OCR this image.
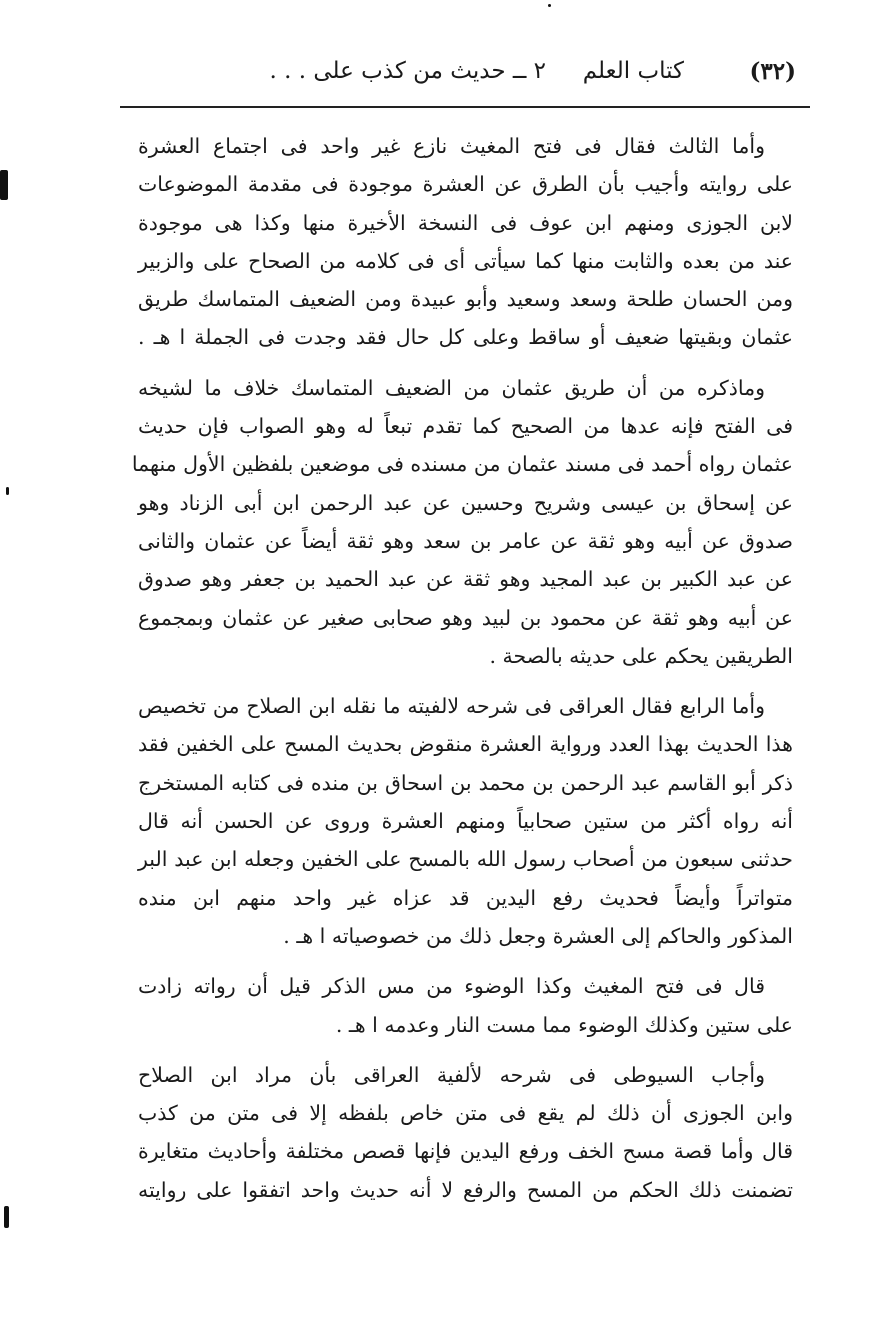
(٣٢)
كتاب العلم
٢ ــ حديث من كذب على . . .
وأما الثالث فقال فى فتح المغيث نازع غير واحد فى اجتماع العشرة
على روايته وأجيب بأن الطرق عن العشرة موجودة فى مقدمة الموضوعات
لابن الجوزى ومنهم ابن عوف فى النسخة الأخيرة منها وكذا هى موجودة
عند من بعده والثابت منها كما سيأتى أى فى كلامه من الصحاح على والزبير
ومن الحسان طلحة وسعد وسعيد وأبو عبيدة ومن الضعيف المتماسك طريق
عثمان وبقيتها ضعيف أو ساقط وعلى كل حال فقد وجدت فى الجملة ا هـ .
وماذكره من أن طريق عثمان من الضعيف المتماسك خلاف ما لشيخه
فى الفتح فإنه عدها من الصحيح كما تقدم تبعاً له وهو الصواب فإن حديث
عثمان رواه أحمد فى مسند عثمان من مسنده فى موضعين بلفظين الأول منهما
عن إسحاق بن عيسى وشريح وحسين عن عبد الرحمن ابن أبى الزناد وهو
صدوق عن أبيه وهو ثقة عن عامر بن سعد وهو ثقة أيضاً عن عثمان والثانى
عن عبد الكبير بن عبد المجيد وهو ثقة عن عبد الحميد بن جعفر وهو صدوق
عن أبيه وهو ثقة عن محمود بن لبيد وهو صحابى صغير عن عثمان وبمجموع
الطريقين يحكم على حديثه بالصحة .
وأما الرابع فقال العراقى فى شرحه لالفيته ما نقله ابن الصلاح من تخصيص
هذا الحديث بهذا العدد ورواية العشرة منقوض بحديث المسح على الخفين فقد
ذكر أبو القاسم عبد الرحمن بن محمد بن اسحاق بن منده فى كتابه المستخرج
أنه رواه أكثر من ستين صحابياً ومنهم العشرة وروى عن الحسن أنه قال
حدثنى سبعون من أصحاب رسول الله بالمسح على الخفين وجعله ابن عبد البر
متواتراً وأيضاً فحديث رفع اليدين قد عزاه غير واحد منهم ابن منده
المذكور والحاكم إلى العشرة وجعل ذلك من خصوصياته ا هـ .
قال فى فتح المغيث وكذا الوضوء من مس الذكر قيل أن رواته زادت
على ستين وكذلك الوضوء مما مست النار وعدمه ا هـ .
وأجاب السيوطى فى شرحه لألفية العراقى بأن مراد ابن الصلاح
وابن الجوزى أن ذلك لم يقع فى متن خاص بلفظه إلا فى متن من كذب
قال وأما قصة مسح الخف ورفع اليدين فإنها قصص مختلفة وأحاديث متغايرة
تضمنت ذلك الحكم من المسح والرفع لا أنه حديث واحد اتفقوا على روايته
